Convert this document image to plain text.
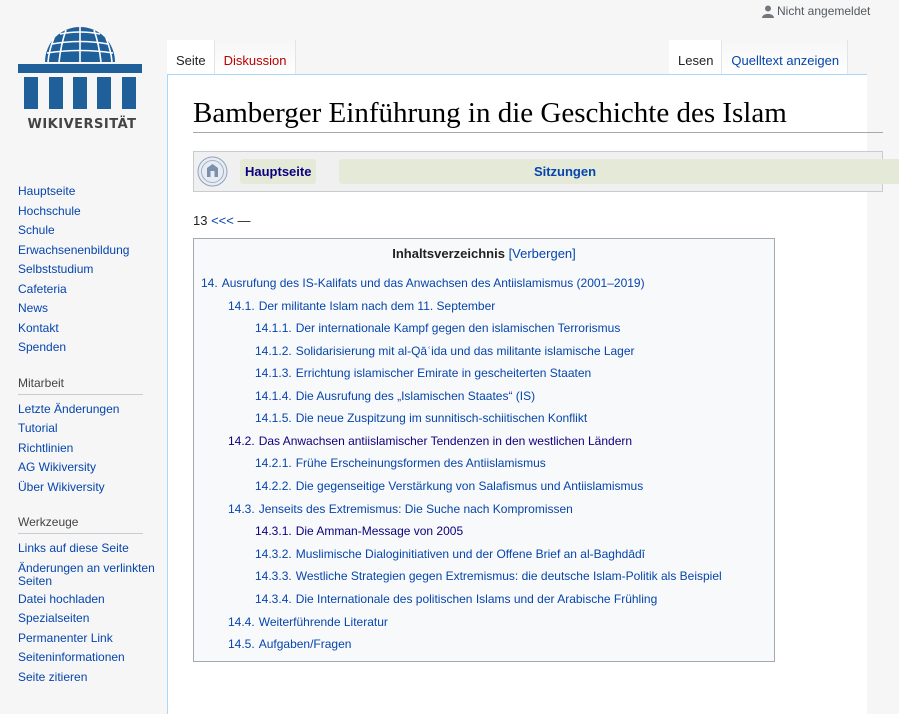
Nicht angemeldet
WIKIVERSITÄT
Hauptseite
Hochschule
Schule
Erwachsenenbildung
Selbststudium
Cafeteria
News
Kontakt
Spenden
Mitarbeit
Letzte Änderungen
Tutorial
Richtlinien
AG Wikiversity
Über Wikiversity
Werkzeuge
Links auf diese Seite
Änderungen an verlinkten Seiten
Datei hochladen
Spezialseiten
Permanenter Link
Seiteninformationen
Seite zitieren
Seite	Diskussion	Lesen	Quelltext anzeigen
Bamberger Einführung in die Geschichte des Islam
Hauptseite	Sitzungen
13 <<< —
Inhaltsverzeichnis [Verbergen]
14. Ausrufung des IS-Kalifats und das Anwachsen des Antiislamismus (2001–2019)
14.1. Der militante Islam nach dem 11. September
14.1.1. Der internationale Kampf gegen den islamischen Terrorismus
14.1.2. Solidarisierung mit al-Qāʿida und das militante islamische Lager
14.1.3. Errichtung islamischer Emirate in gescheiterten Staaten
14.1.4. Die Ausrufung des „Islamischen Staates“ (IS)
14.1.5. Die neue Zuspitzung im sunnitisch-schiitischen Konflikt
14.2. Das Anwachsen antiislamischer Tendenzen in den westlichen Ländern
14.2.1. Frühe Erscheinungsformen des Antiislamismus
14.2.2. Die gegenseitige Verstärkung von Salafismus und Antiislamismus
14.3. Jenseits des Extremismus: Die Suche nach Kompromissen
14.3.1. Die Amman-Message von 2005
14.3.2. Muslimische Dialoginitiativen und der Offene Brief an al-Baghdādī
14.3.3. Westliche Strategien gegen Extremismus: die deutsche Islam-Politik als Beispiel
14.3.4. Die Internationale des politischen Islams und der Arabische Frühling
14.4. Weiterführende Literatur
14.5. Aufgaben/Fragen
